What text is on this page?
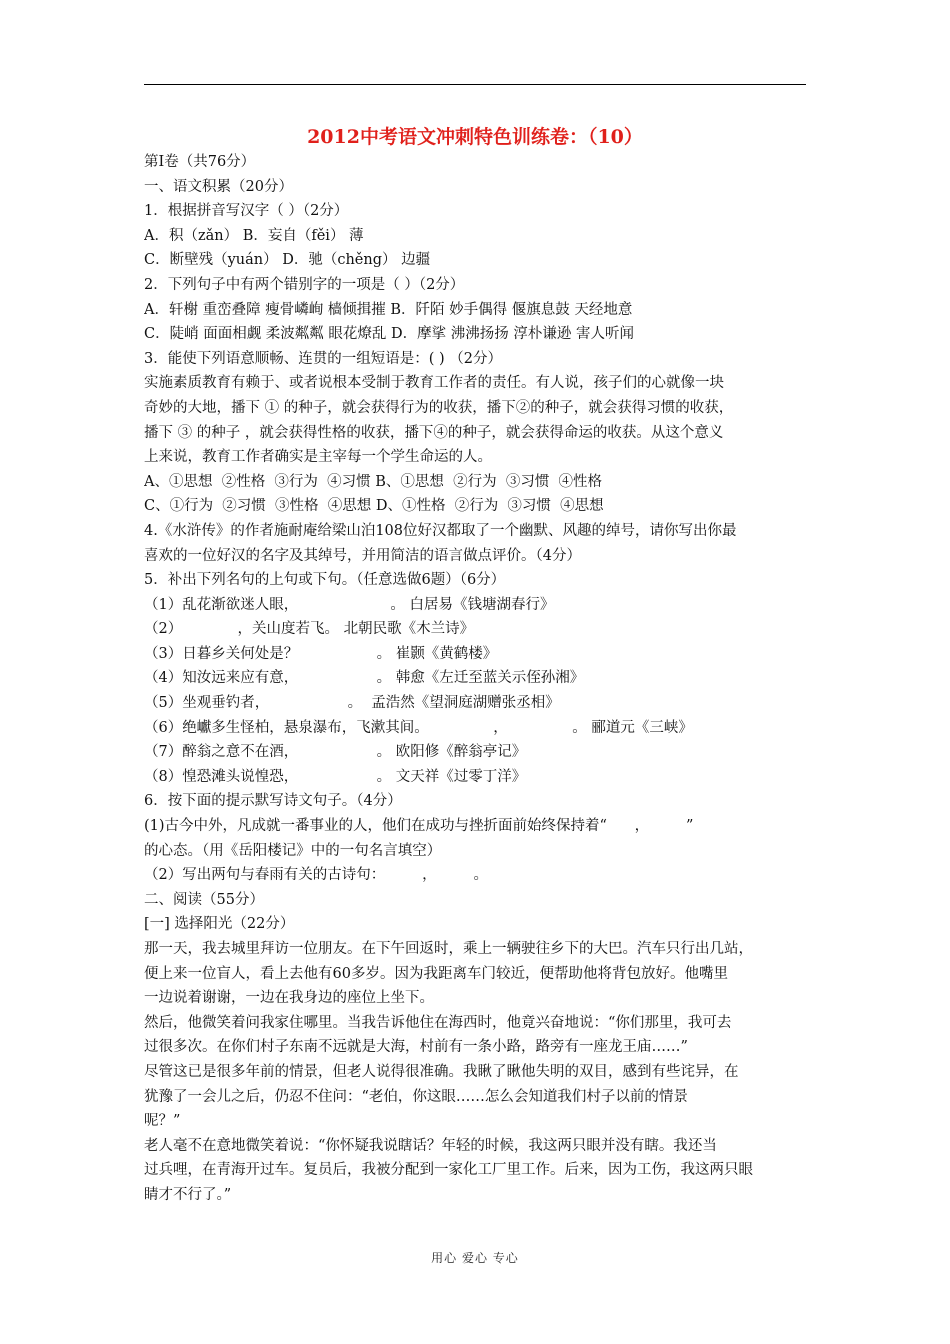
2012中考语文冲刺特色训练卷：（10）
第Ⅰ卷（共76分）
一、语文积累（20分）
1．根据拼音写汉字（ ）（2分）
A．积（zǎn） B．妄自（fěi） 薄
C．断壁残（yuán） D．驰（chěng） 边疆
2．下列句子中有两个错别字的一项是（ ）（2分）
A．轩榭 重峦叠障 瘦骨嶙峋 樯倾揖摧 B．阡陌 妙手偶得 偃旗息鼓 天经地意
C．陡峭 面面相觑 柔波粼粼 眼花燎乱 D．摩挲 沸沸扬扬 淳朴谦逊 害人听闻
3．能使下列语意顺畅、连贯的一组短语是：( ) （2分）
实施素质教育有赖于、或者说根本受制于教育工作者的责任。有人说，孩子们的心就像一块
奇妙的大地，播下 ① 的种子，就会获得行为的收获，播下②的种子，就会获得习惯的收获，
播下 ③ 的种子 ，就会获得性格的收获，播下④的种子，就会获得命运的收获。从这个意义
上来说，教育工作者确实是主宰每一个学生命运的人。
A、①思想  ②性格  ③行为  ④习惯 B、①思想  ②行为  ③习惯  ④性格
C、①行为  ②习惯  ③性格  ④思想 D、①性格  ②行为  ③习惯  ④思想
4.《水浒传》的作者施耐庵给梁山泊108位好汉都取了一个幽默、风趣的绰号，请你写出你最
喜欢的一位好汉的名字及其绰号，并用简洁的语言做点评价。（4分）
5．补出下列名句的上句或下句。（任意选做6题）（6分）
（1）乱花渐欲迷人眼，                    。 白居易《钱塘湖春行》
（2）            ，关山度若飞。 北朝民歌《木兰诗》
（3）日暮乡关何处是？                 。 崔颢《黄鹤楼》
（4）知汝远来应有意，                 。 韩愈《左迁至蓝关示侄孙湘》
（5）坐观垂钓者，                 。  孟浩然《望洞庭湖赠张丞相》
（6）绝巘多生怪柏，悬泉瀑布，飞漱其间。              ，              。 郦道元《三峡》
（7）醉翁之意不在酒，                 。 欧阳修《醉翁亭记》
（8）惶恐滩头说惶恐，                 。 文天祥《过零丁洋》
6．按下面的提示默写诗文句子。（4分）
(1)古今中外，凡成就一番事业的人，他们在成功与挫折面前始终保持着“      ，        ”
的心态。（用《岳阳楼记》中的一句名言填空）
（2）写出两句与春雨有关的古诗句：        ，        。
二、阅读（55分）
[一] 选择阳光（22分）
那一天，我去城里拜访一位朋友。在下午回返时，乘上一辆驶往乡下的大巴。汽车只行出几站，
便上来一位盲人，看上去他有60多岁。因为我距离车门较近，便帮助他将背包放好。他嘴里
一边说着谢谢，一边在我身边的座位上坐下。
然后，他微笑着问我家住哪里。当我告诉他住在海西时，他竟兴奋地说：“你们那里，我可去
过很多次。在你们村子东南不远就是大海，村前有一条小路，路旁有一座龙王庙……”
尽管这已是很多年前的情景，但老人说得很准确。我瞅了瞅他失明的双目，感到有些诧异，在
犹豫了一会儿之后，仍忍不住问：“老伯，你这眼……怎么会知道我们村子以前的情景
呢？”
老人毫不在意地微笑着说：“你怀疑我说瞎话？年轻的时候，我这两只眼并没有瞎。我还当
过兵哩，在青海开过车。复员后，我被分配到一家化工厂里工作。后来，因为工伤，我这两只眼
睛才不行了。”
用心 爱心 专心
